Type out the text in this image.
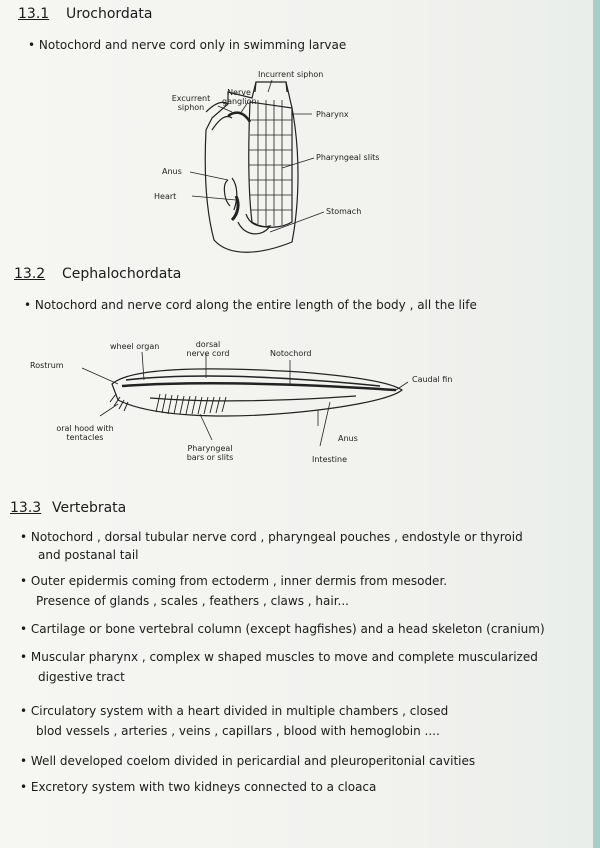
13.1 Urochordata
• Notochord and nerve cord only in swimming larvae
Incurrent siphon
Excurrent siphon
Nerve ganglion
Pharynx
Pharyngeal slits
Anus
Heart
Stomach
13.2 Cephalochordata
• Notochord and nerve cord along the entire length of the body , all the life
wheel organ	dorsal nerve cord	Notochord
Rostrum
Caudal fin
oral hood with tentacles
Pharyngeal bars or slits
Anus
Intestine
13.3 Vertebrata
• Notochord , dorsal tubular nerve cord , pharyngeal pouches , endostyle or thyroid
and postanal tail
• Outer epidermis coming from ectoderm , inner dermis from mesoder.
Presence of glands , scales , feathers , claws , hair...
• Cartilage or bone vertebral column (except hagfishes) and a head skeleton (cranium)
• Muscular pharynx , complex w shaped muscles to move and complete muscularized
digestive tract
• Circulatory system with a heart divided in multiple chambers , closed
blod vessels , arteries , veins , capillars , blood with hemoglobin ....
• Well developed coelom divided in pericardial and pleuroperitonial cavities
• Excretory system with two kidneys connected to a cloaca
